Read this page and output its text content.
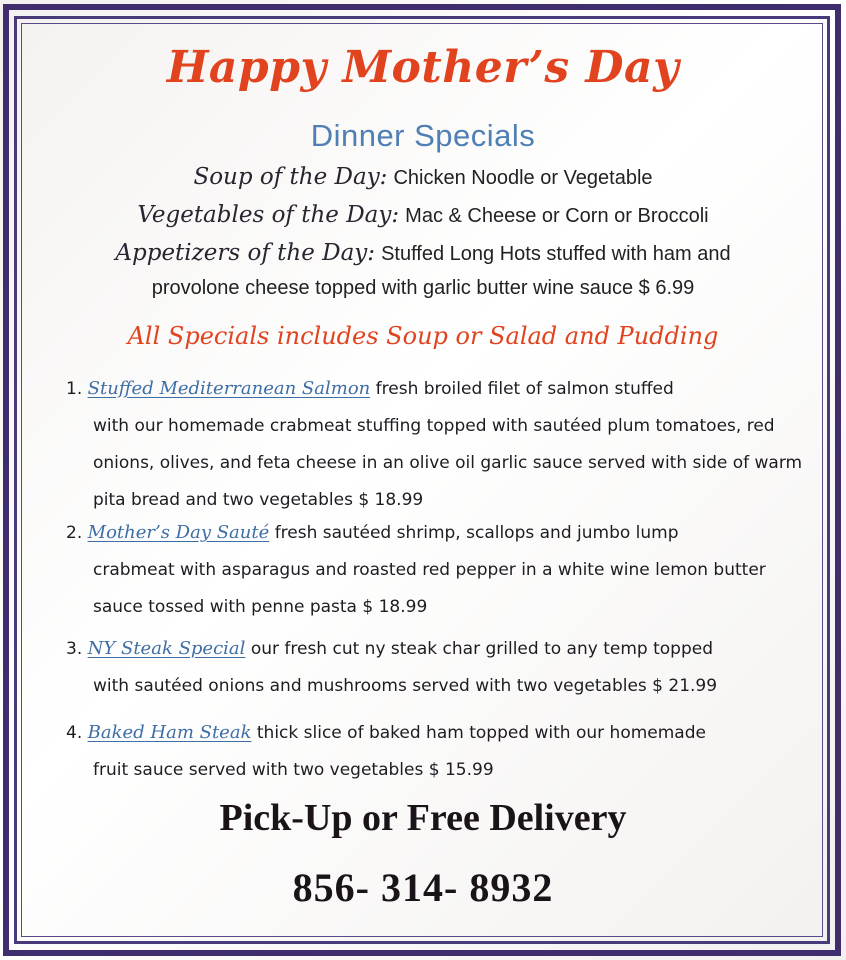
Happy Mother’s Day
Dinner Specials
Soup of the Day: Chicken Noodle or Vegetable
Vegetables of the Day: Mac & Cheese or Corn or Broccoli
Appetizers of the Day: Stuffed Long Hots stuffed with ham and
provolone cheese topped with garlic butter wine sauce $ 6.99
All Specials includes Soup or Salad and Pudding
1. Stuffed Mediterranean Salmon fresh broiled filet of salmon stuffed
with our homemade crabmeat stuffing topped with sautéed plum tomatoes, red onions, olives, and feta cheese in an olive oil garlic sauce served with side of warm pita bread and two vegetables $ 18.99
2. Mother’s Day Sauté fresh sautéed shrimp, scallops and jumbo lump
crabmeat with asparagus and roasted red pepper in a white wine lemon butter sauce tossed with penne pasta $ 18.99
3. NY Steak Special our fresh cut ny steak char grilled to any temp topped
with sautéed onions and mushrooms served with two vegetables $ 21.99
4. Baked Ham Steak thick slice of baked ham topped with our homemade
fruit sauce served with two vegetables $ 15.99
Pick-Up or Free Delivery
856- 314- 8932
